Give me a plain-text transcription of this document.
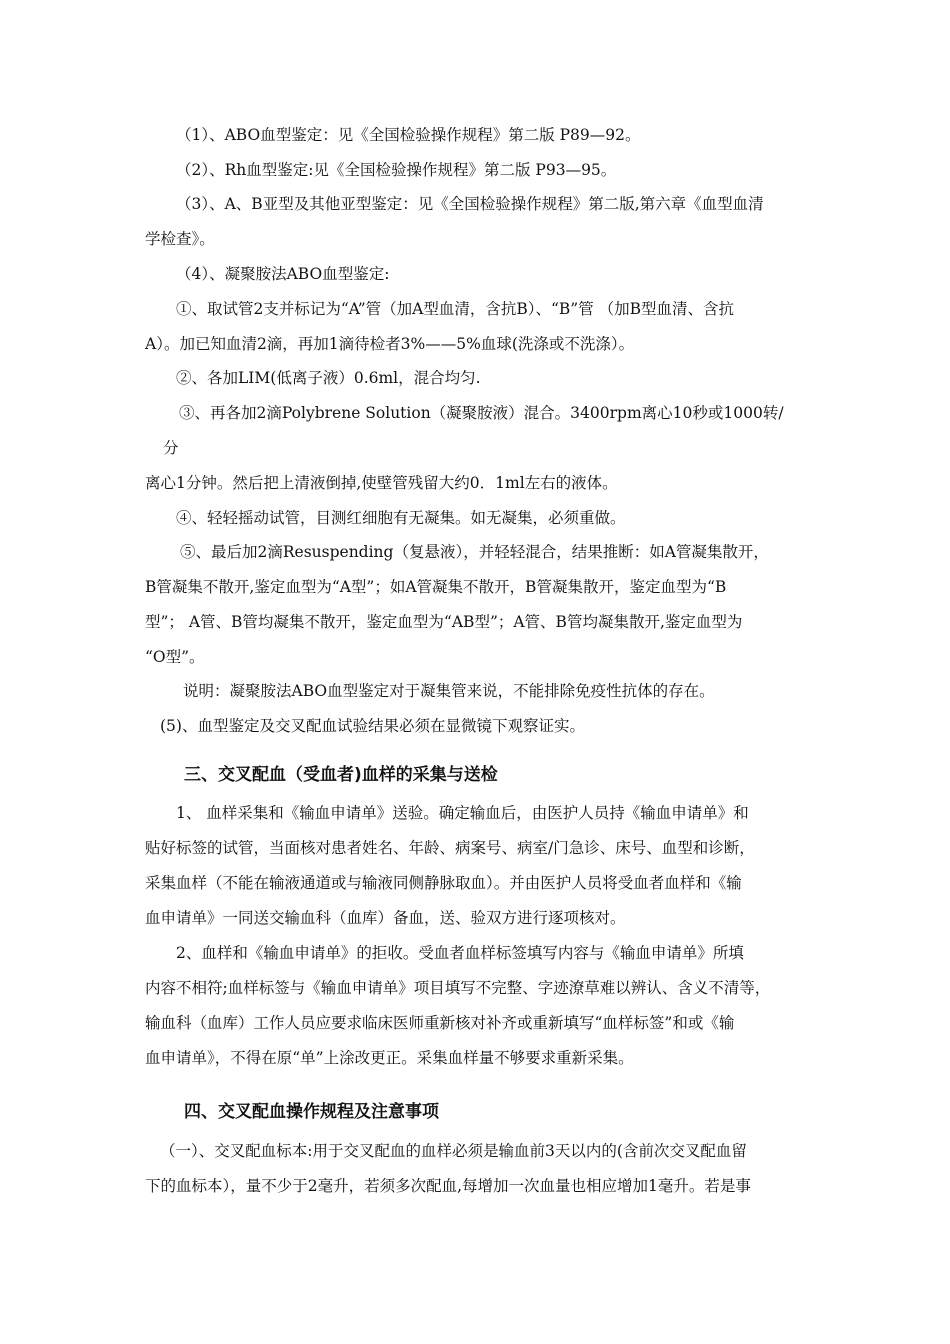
（1）、ABO血型鉴定：见《全国检验操作规程》第二版 P89—92。
（2）、Rh血型鉴定:见《全国检验操作规程》第二版 P93—95。
（3）、A、B亚型及其他亚型鉴定：见《全国检验操作规程》第二版,第六章《血型血清
学检查》。
（4）、凝聚胺法ABO血型鉴定:
①、取试管2支并标记为“A”管（加A型血清，含抗B）、“B”管 （加B型血清、含抗
A）。加已知血清2滴，再加1滴待检者3%——5%血球(洗涤或不洗涤）。
②、各加LIM(低离子液）0.6ml，混合均匀.
③、再各加2滴Polybrene Solution（凝聚胺液）混合。3400rpm离心10秒或1000转/
分
离心1分钟。然后把上清液倒掉,使壁管残留大约0．1ml左右的液体。
④、轻轻摇动试管，目测红细胞有无凝集。如无凝集，必须重做。
⑤、最后加2滴Resuspending（复悬液），并轻轻混合，结果推断：如A管凝集散开，
B管凝集不散开,鉴定血型为“A型”；如A管凝集不散开，B管凝集散开，鉴定血型为“B
型”； A管、B管均凝集不散开，鉴定血型为“AB型”；A管、B管均凝集散开,鉴定血型为
“O型”。
说明：凝聚胺法ABO血型鉴定对于凝集管来说，不能排除免疫性抗体的存在。
(5)、血型鉴定及交叉配血试验结果必须在显微镜下观察证实。
三、交叉配血（受血者)血样的采集与送检
1、 血样采集和《输血申请单》送验。确定输血后，由医护人员持《输血申请单》和
贴好标签的试管，当面核对患者姓名、年龄、病案号、病室/门急诊、床号、血型和诊断，
采集血样（不能在输液通道或与输液同侧静脉取血）。并由医护人员将受血者血样和《输
血申请单》一同送交输血科（血库）备血，送、验双方进行逐项核对。
2、血样和《输血申请单》的拒收。受血者血样标签填写内容与《输血申请单》所填
内容不相符;血样标签与《输血申请单》项目填写不完整、字迹潦草难以辨认、含义不清等，
输血科（血库）工作人员应要求临床医师重新核对补齐或重新填写“血样标签”和或《输
血申请单》，不得在原“单”上涂改更正。采集血样量不够要求重新采集。
四、交叉配血操作规程及注意事项
（一）、交叉配血标本:用于交叉配血的血样必须是输血前3天以内的(含前次交叉配血留
下的血标本），量不少于2毫升，若须多次配血,每增加一次血量也相应增加1毫升。若是事
